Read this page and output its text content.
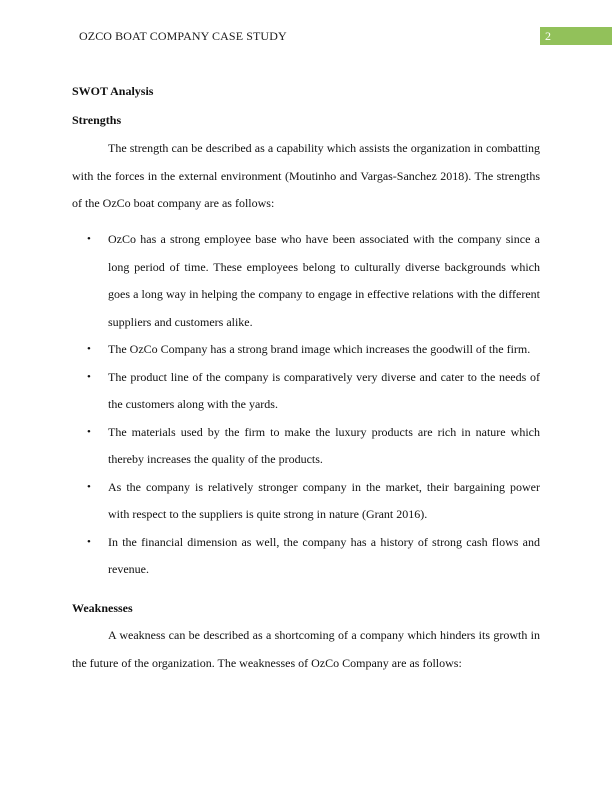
OZCO BOAT COMPANY CASE STUDY	2
SWOT Analysis
Strengths

The strength can be described as a capability which assists the organization in combatting with the forces in the external environment (Moutinho and Vargas-Sanchez 2018). The strengths of the OzCo boat company are as follows:

• OzCo has a strong employee base who have been associated with the company since a long period of time. These employees belong to culturally diverse backgrounds which goes a long way in helping the company to engage in effective relations with the different suppliers and customers alike.
• The OzCo Company has a strong brand image which increases the goodwill of the firm.
• The product line of the company is comparatively very diverse and cater to the needs of the customers along with the yards.
• The materials used by the firm to make the luxury products are rich in nature which thereby increases the quality of the products.
• As the company is relatively stronger company in the market, their bargaining power with respect to the suppliers is quite strong in nature (Grant 2016).
• In the financial dimension as well, the company has a history of strong cash flows and revenue.
Weaknesses

A weakness can be described as a shortcoming of a company which hinders its growth in the future of the organization. The weaknesses of OzCo Company are as follows:
